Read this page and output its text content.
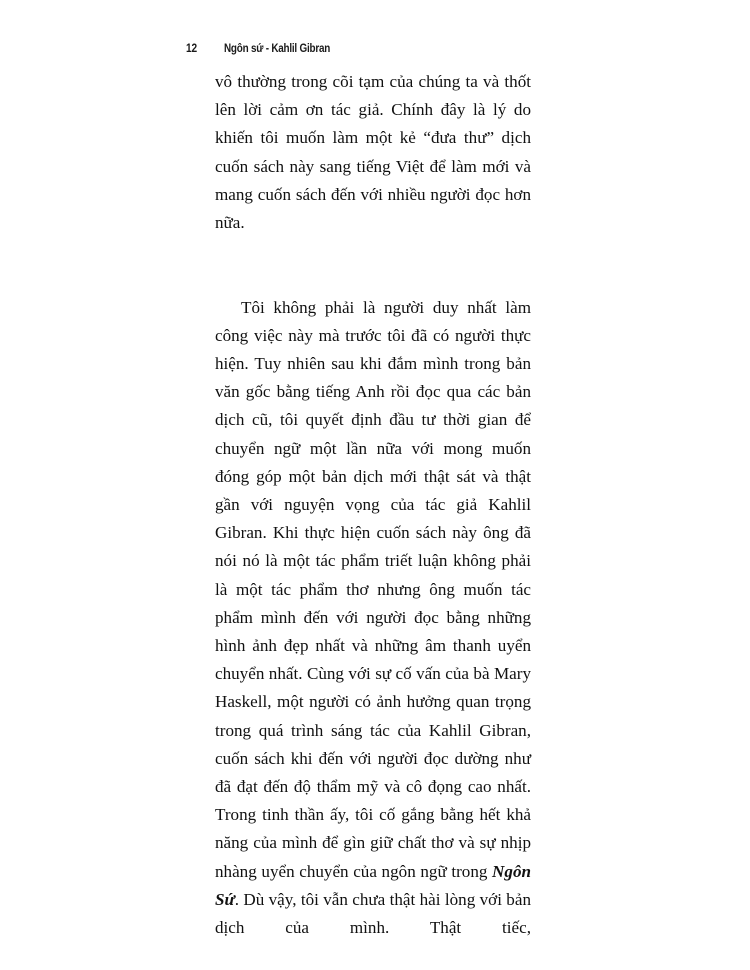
12 Ngôn sứ - Kahlil Gibran

vô thường trong cõi tạm của chúng ta và thốt lên lời cảm ơn tác giả. Chính đây là lý do khiến tôi muốn làm một kẻ “đưa thư” dịch cuốn sách này sang tiếng Việt để làm mới và mang cuốn sách đến với nhiều người đọc hơn nữa.

Tôi không phải là người duy nhất làm công việc này mà trước tôi đã có người thực hiện. Tuy nhiên sau khi đắm mình trong bản văn gốc bằng tiếng Anh rồi đọc qua các bản dịch cũ, tôi quyết định đầu tư thời gian để chuyển ngữ một lần nữa với mong muốn đóng góp một bản dịch mới thật sát và thật gần với nguyện vọng của tác giả Kahlil Gibran. Khi thực hiện cuốn sách này ông đã nói nó là một tác phẩm triết luận không phải là một tác phẩm thơ nhưng ông muốn tác phẩm mình đến với người đọc bằng những hình ảnh đẹp nhất và những âm thanh uyển chuyển nhất. Cùng với sự cố vấn của bà Mary Haskell, một người có ảnh hưởng quan trọng trong quá trình sáng tác của Kahlil Gibran, cuốn sách khi đến với người đọc dường như đã đạt đến độ thẩm mỹ và cô đọng cao nhất. Trong tinh thần ấy, tôi cố gắng bằng hết khả năng của mình để gìn giữ chất thơ và sự nhịp nhàng uyển chuyển của ngôn ngữ trong Ngôn Sứ. Dù vậy, tôi vẫn chưa thật hài lòng với bản dịch của mình. Thật tiếc,
